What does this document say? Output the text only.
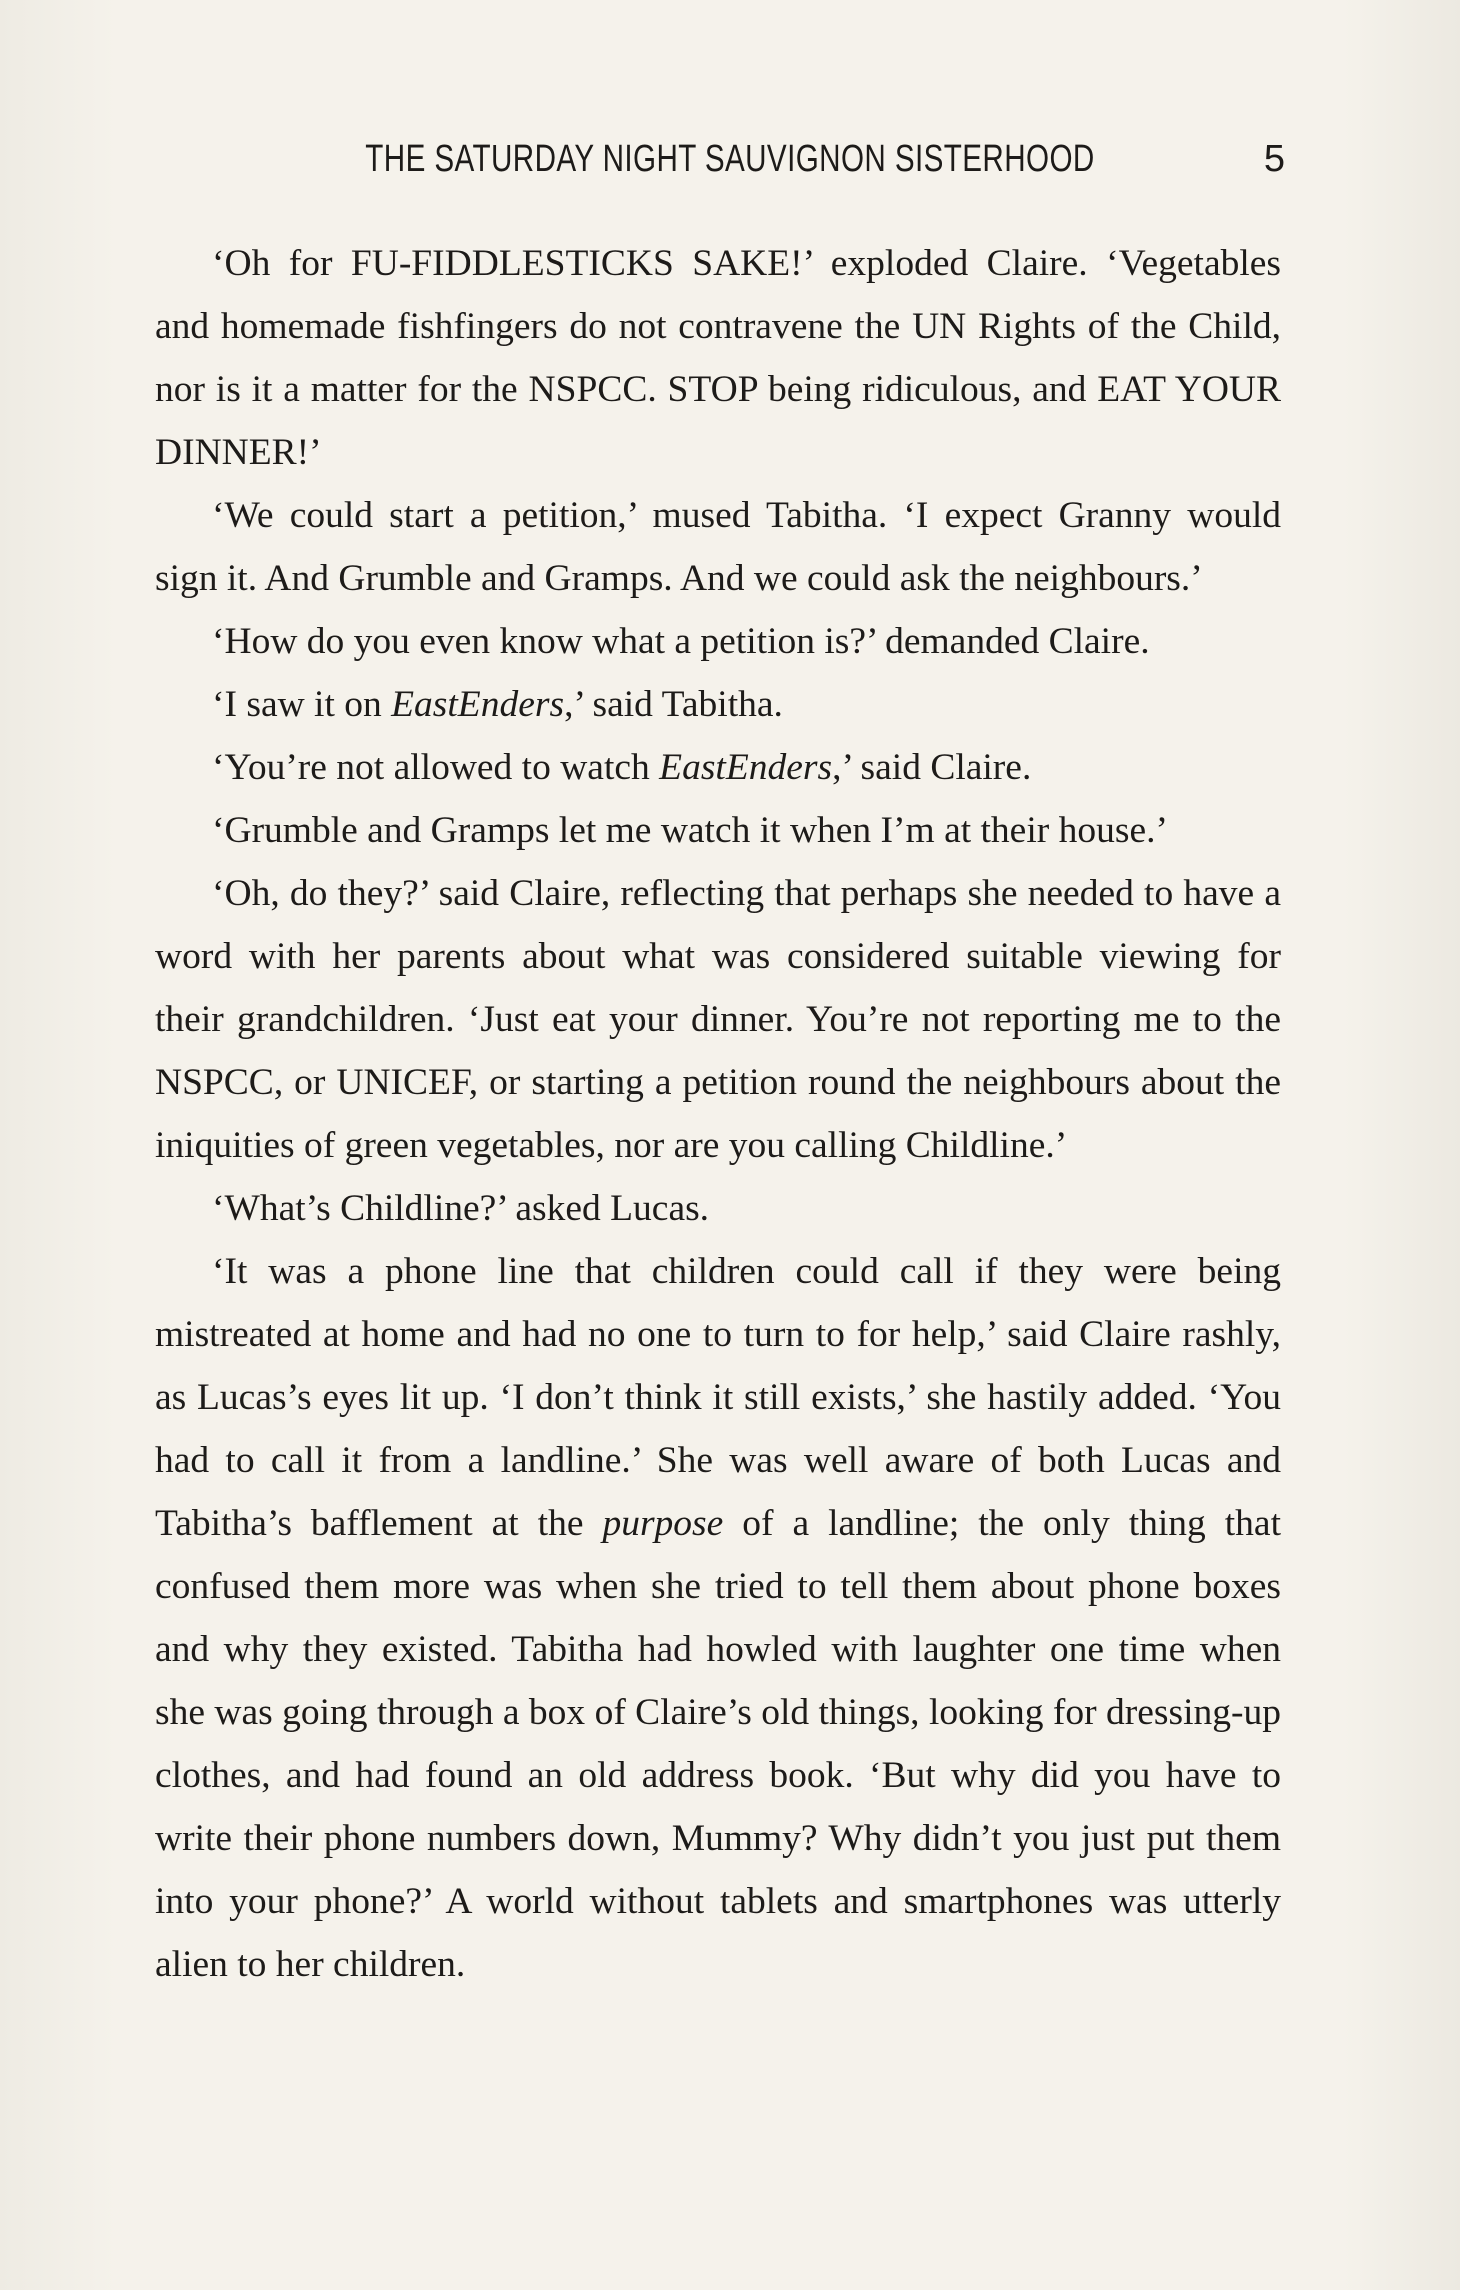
THE SATURDAY NIGHT SAUVIGNON SISTERHOOD	5

‘Oh for FU-FIDDLESTICKS SAKE!’ exploded Claire. ‘Vegetables and homemade fishfingers do not contravene the UN Rights of the Child, nor is it a matter for the NSPCC. STOP being ridiculous, and EAT YOUR DINNER!’

‘We could start a petition,’ mused Tabitha. ‘I expect Granny would sign it. And Grumble and Gramps. And we could ask the neighbours.’

‘How do you even know what a petition is?’ demanded Claire.

‘I saw it on EastEnders,’ said Tabitha.

‘You’re not allowed to watch EastEnders,’ said Claire.

‘Grumble and Gramps let me watch it when I’m at their house.’

‘Oh, do they?’ said Claire, reflecting that perhaps she needed to have a word with her parents about what was considered suitable viewing for their grandchildren. ‘Just eat your dinner. You’re not reporting me to the NSPCC, or UNICEF, or starting a petition round the neighbours about the iniquities of green vegetables, nor are you calling Childline.’

‘What’s Childline?’ asked Lucas.

‘It was a phone line that children could call if they were being mistreated at home and had no one to turn to for help,’ said Claire rashly, as Lucas’s eyes lit up. ‘I don’t think it still exists,’ she hastily added. ‘You had to call it from a landline.’ She was well aware of both Lucas and Tabitha’s bafflement at the purpose of a landline; the only thing that confused them more was when she tried to tell them about phone boxes and why they existed. Tabitha had howled with laughter one time when she was going through a box of Claire’s old things, looking for dressing-up clothes, and had found an old address book. ‘But why did you have to write their phone numbers down, Mummy? Why didn’t you just put them into your phone?’ A world without tablets and smartphones was utterly alien to her children.
